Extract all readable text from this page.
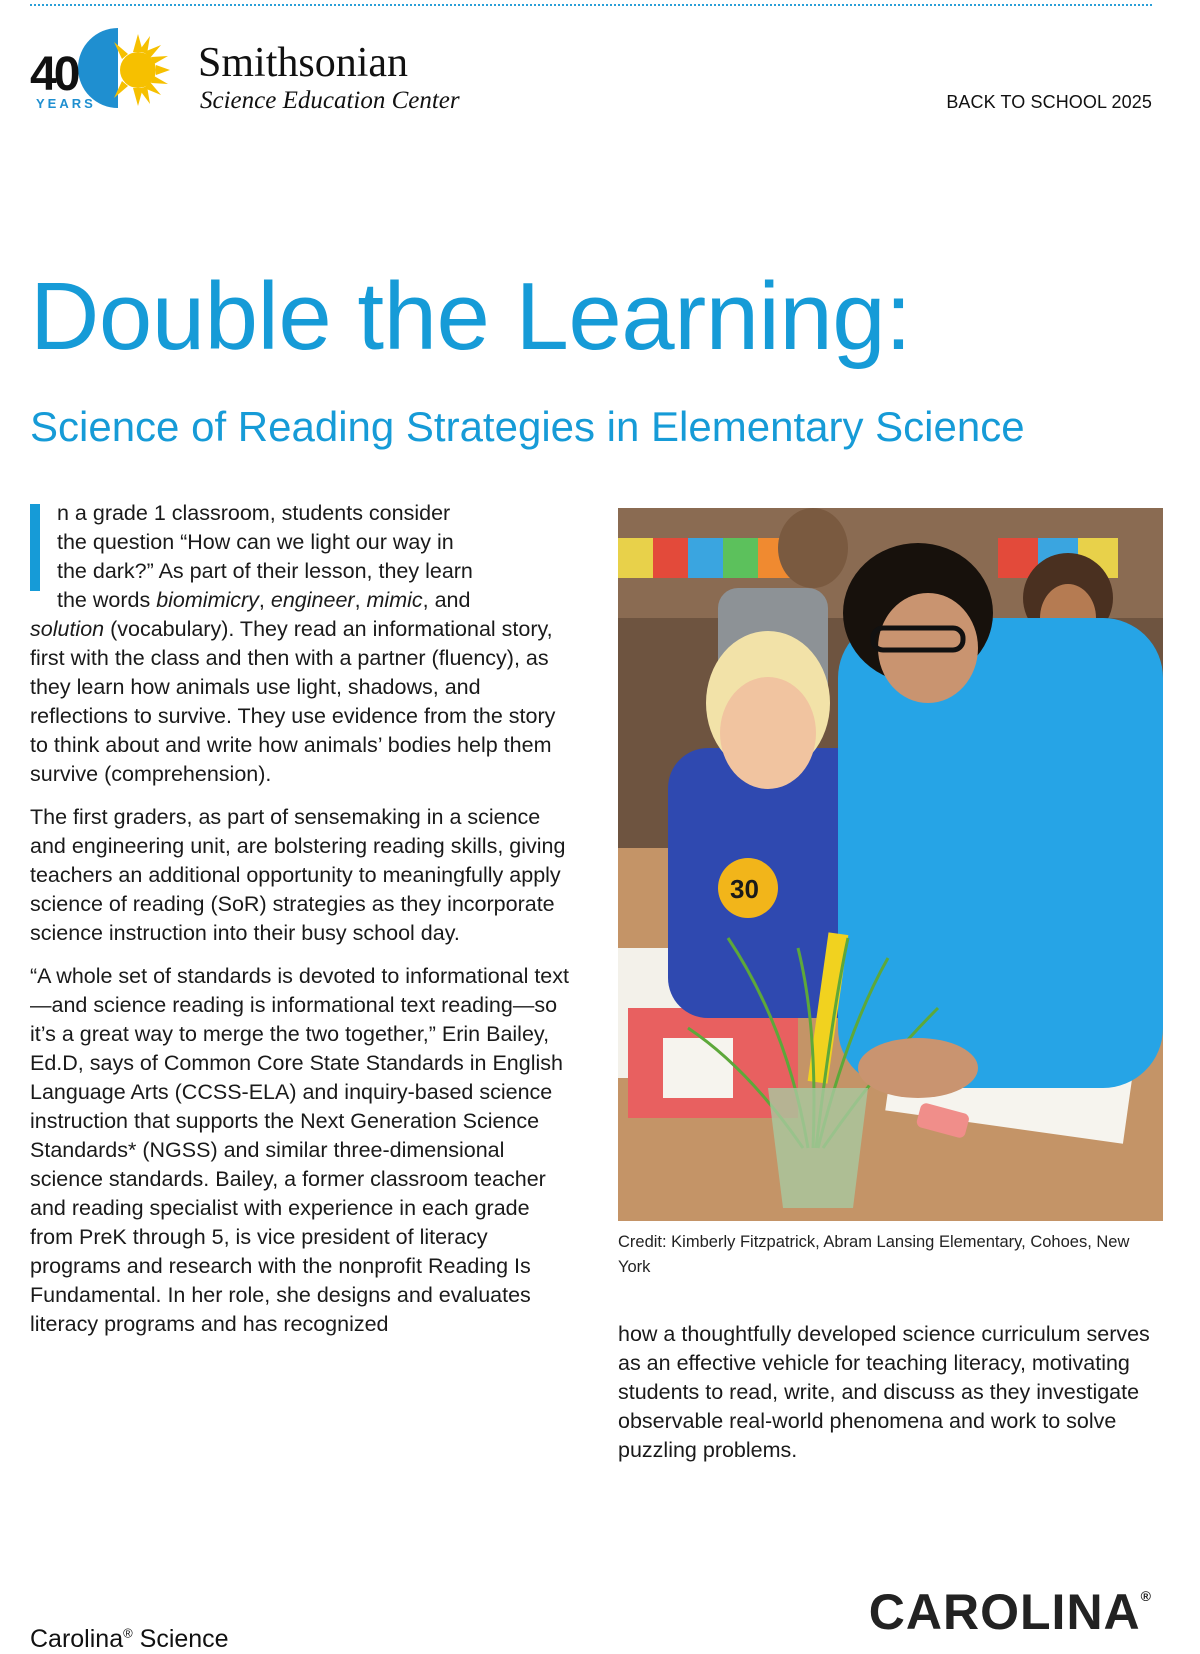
40
YEARS
Smithsonian
Science Education Center	BACK TO SCHOOL 2025
Double the Learning:
Science of Reading Strategies in Elementary Science

n a grade 1 classroom, students consider
the question “How can we light our way in
the dark?” As part of their lesson, they learn
the words biomimicry, engineer, mimic, and
solution (vocabulary). They read an informational story, first with the class and then with a partner (fluency), as they learn how animals use light, shadows, and reflections to survive. They use evidence from the story to think about and write how animals’ bodies help them survive (comprehension).

The first graders, as part of sensemaking in a science and engineering unit, are bolstering reading skills, giving teachers an additional opportunity to meaningfully apply science of reading (SoR) strategies as they incorporate science instruction into their busy school day.

“A whole set of standards is devoted to informational text—and science reading is informational text reading—so it’s a great way to merge the two together,” Erin Bailey, Ed.D, says of Common Core State Standards in English Language Arts (CCSS-ELA) and inquiry-based science instruction that supports the Next Generation Science Standards* (NGSS) and similar three-dimensional science standards. Bailey, a former classroom teacher and reading specialist with experience in each grade from PreK through 5, is vice president of literacy programs and research with the nonprofit Reading Is Fundamental. In her role, she designs and evaluates literacy programs and has recognized

30

Credit: Kimberly Fitzpatrick, Abram Lansing Elementary, Cohoes, New York

how a thoughtfully developed science curriculum serves as an effective vehicle for teaching literacy, motivating students to read, write, and discuss as they investigate observable real-world phenomena and work to solve puzzling problems.

Carolina® Science	CAROLINA®
